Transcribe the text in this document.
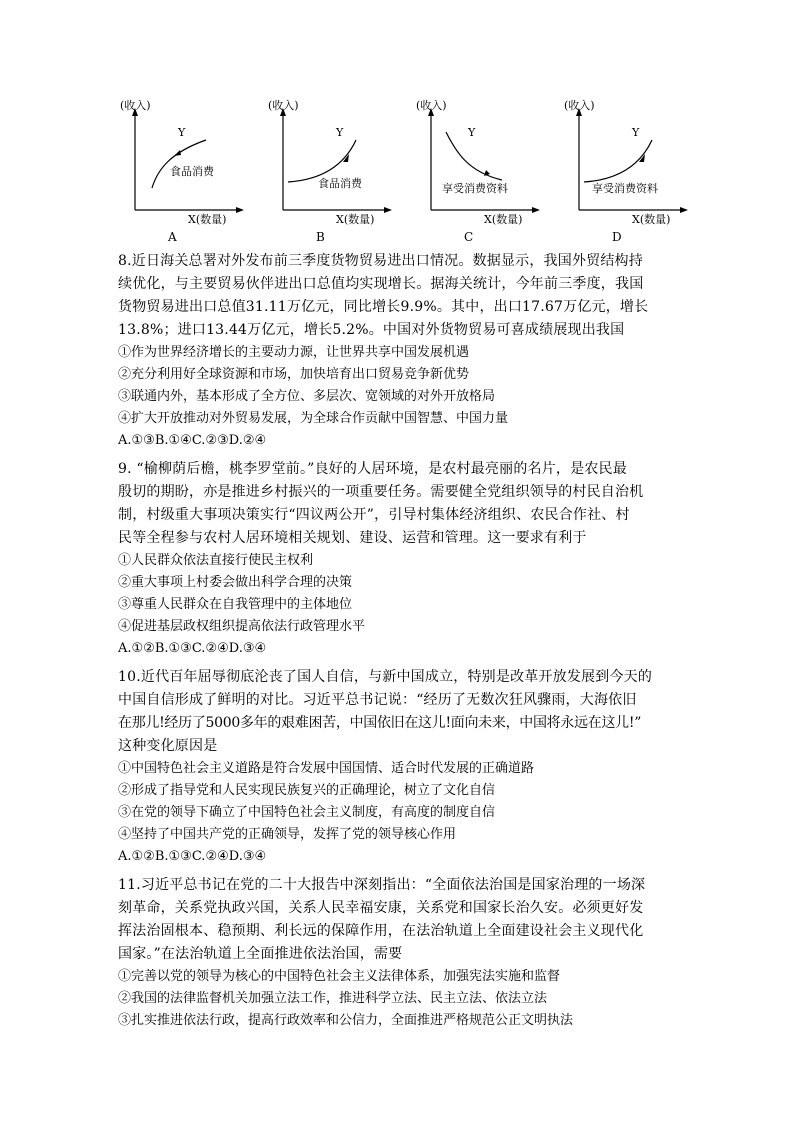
(收入)
Y
食品消费
X(数量)
A
(收入)
Y
食品消费
X(数量)
B
(收入)
Y
享受消费资料
X(数量)
C
(收入)
Y
享受消费资料
X(数量)
D

8.近日海关总署对外发布前三季度货物贸易进出口情况。数据显示，我国外贸结构持

续优化，与主要贸易伙伴进出口总值均实现增长。据海关统计，今年前三季度，我国

货物贸易进出口总值31.11万亿元，同比增长9.9%。其中，出口17.67万亿元，增长

13.8%；进口13.44万亿元，增长5.2%。中国对外货物贸易可喜成绩展现出我国

①作为世界经济增长的主要动力源，让世界共享中国发展机遇

②充分利用好全球资源和市场，加快培育出口贸易竞争新优势

③联通内外，基本形成了全方位、多层次、宽领域的对外开放格局

④扩大开放推动对外贸易发展，为全球合作贡献中国智慧、中国力量

A.①③B.①④C.②③D.②④

9. “榆柳荫后檐，桃李罗堂前。”良好的人居环境，是农村最亮丽的名片，是农民最

殷切的期盼，亦是推进乡村振兴的一项重要任务。需要健全党组织领导的村民自治机

制，村级重大事项决策实行“四议两公开”，引导村集体经济组织、农民合作社、村

民等全程参与农村人居环境相关规划、建设、运营和管理。这一要求有利于

①人民群众依法直接行使民主权利

②重大事项上村委会做出科学合理的决策

③尊重人民群众在自我管理中的主体地位

④促进基层政权组织提高依法行政管理水平

A.①②B.①③C.②④D.③④

10.近代百年屈辱彻底沦丧了国人自信，与新中国成立，特别是改革开放发展到今天的

中国自信形成了鲜明的对比。习近平总书记说：“经历了无数次狂风骤雨，大海依旧

在那儿!经历了5000多年的艰难困苦，中国依旧在这儿!面向未来，中国将永远在这儿!”

这种变化原因是

①中国特色社会主义道路是符合发展中国国情、适合时代发展的正确道路

②形成了指导党和人民实现民族复兴的正确理论，树立了文化自信

③在党的领导下确立了中国特色社会主义制度，有高度的制度自信

④坚持了中国共产党的正确领导，发挥了党的领导核心作用

A.①②B.①③C.②④D.③④

11.习近平总书记在党的二十大报告中深刻指出：“全面依法治国是国家治理的一场深

刻革命，关系党执政兴国，关系人民幸福安康，关系党和国家长治久安。必须更好发

挥法治固根本、稳预期、利长远的保障作用，在法治轨道上全面建设社会主义现代化

国家。”在法治轨道上全面推进依法治国，需要

①完善以党的领导为核心的中国特色社会主义法律体系，加强宪法实施和监督

②我国的法律监督机关加强立法工作，推进科学立法、民主立法、依法立法

③扎实推进依法行政，提高行政效率和公信力，全面推进严格规范公正文明执法
